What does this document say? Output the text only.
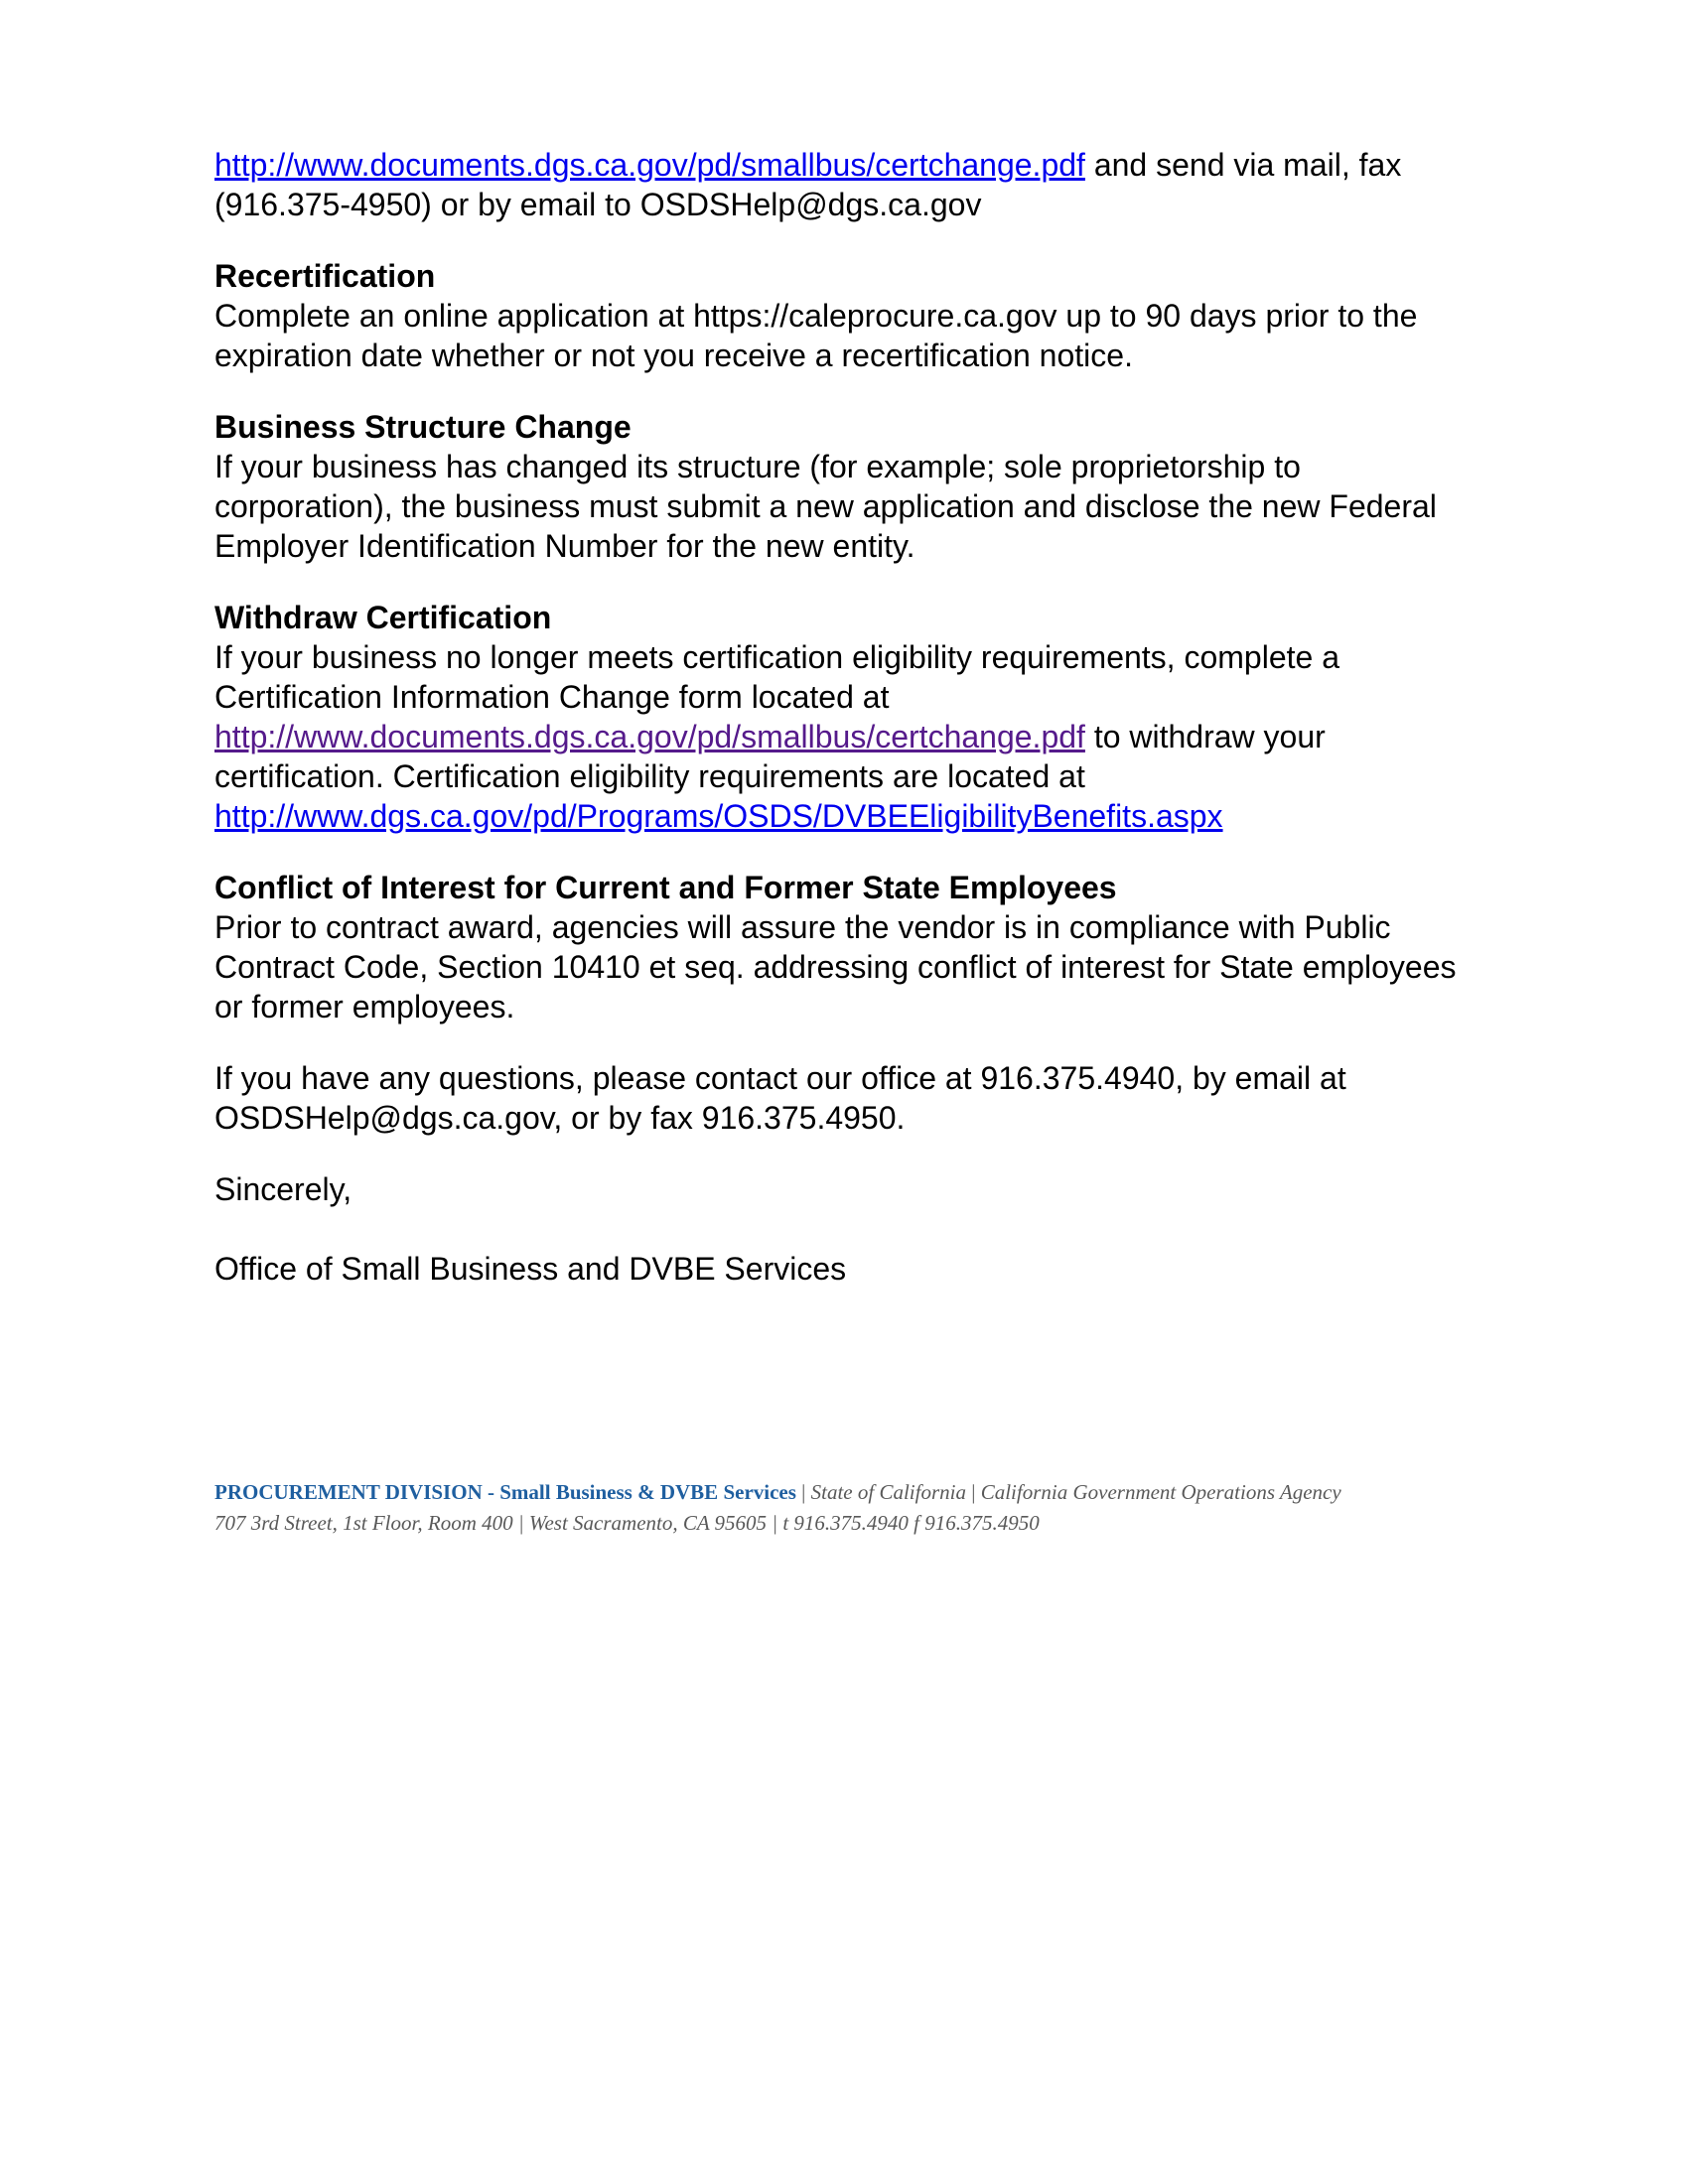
http://www.documents.dgs.ca.gov/pd/smallbus/certchange.pdf and send via mail, fax (916.375-4950) or by email to OSDSHelp@dgs.ca.gov

Recertification
Complete an online application at https://caleprocure.ca.gov up to 90 days prior to the expiration date whether or not you receive a recertification notice.

Business Structure Change
If your business has changed its structure (for example; sole proprietorship to corporation), the business must submit a new application and disclose the new Federal Employer Identification Number for the new entity.

Withdraw Certification
If your business no longer meets certification eligibility requirements, complete a Certification Information Change form located at http://www.documents.dgs.ca.gov/pd/smallbus/certchange.pdf to withdraw your certification. Certification eligibility requirements are located at http://www.dgs.ca.gov/pd/Programs/OSDS/DVBEEligibilityBenefits.aspx

Conflict of Interest for Current and Former State Employees
Prior to contract award, agencies will assure the vendor is in compliance with Public Contract Code, Section 10410 et seq. addressing conflict of interest for State employees or former employees.

If you have any questions, please contact our office at 916.375.4940, by email at OSDSHelp@dgs.ca.gov, or by fax 916.375.4950.

Sincerely,

Office of Small Business and DVBE Services

PROCUREMENT DIVISION - Small Business & DVBE Services | State of California | California Government Operations Agency
707 3rd Street, 1st Floor, Room 400 | West Sacramento, CA 95605 | t 916.375.4940 f 916.375.4950
